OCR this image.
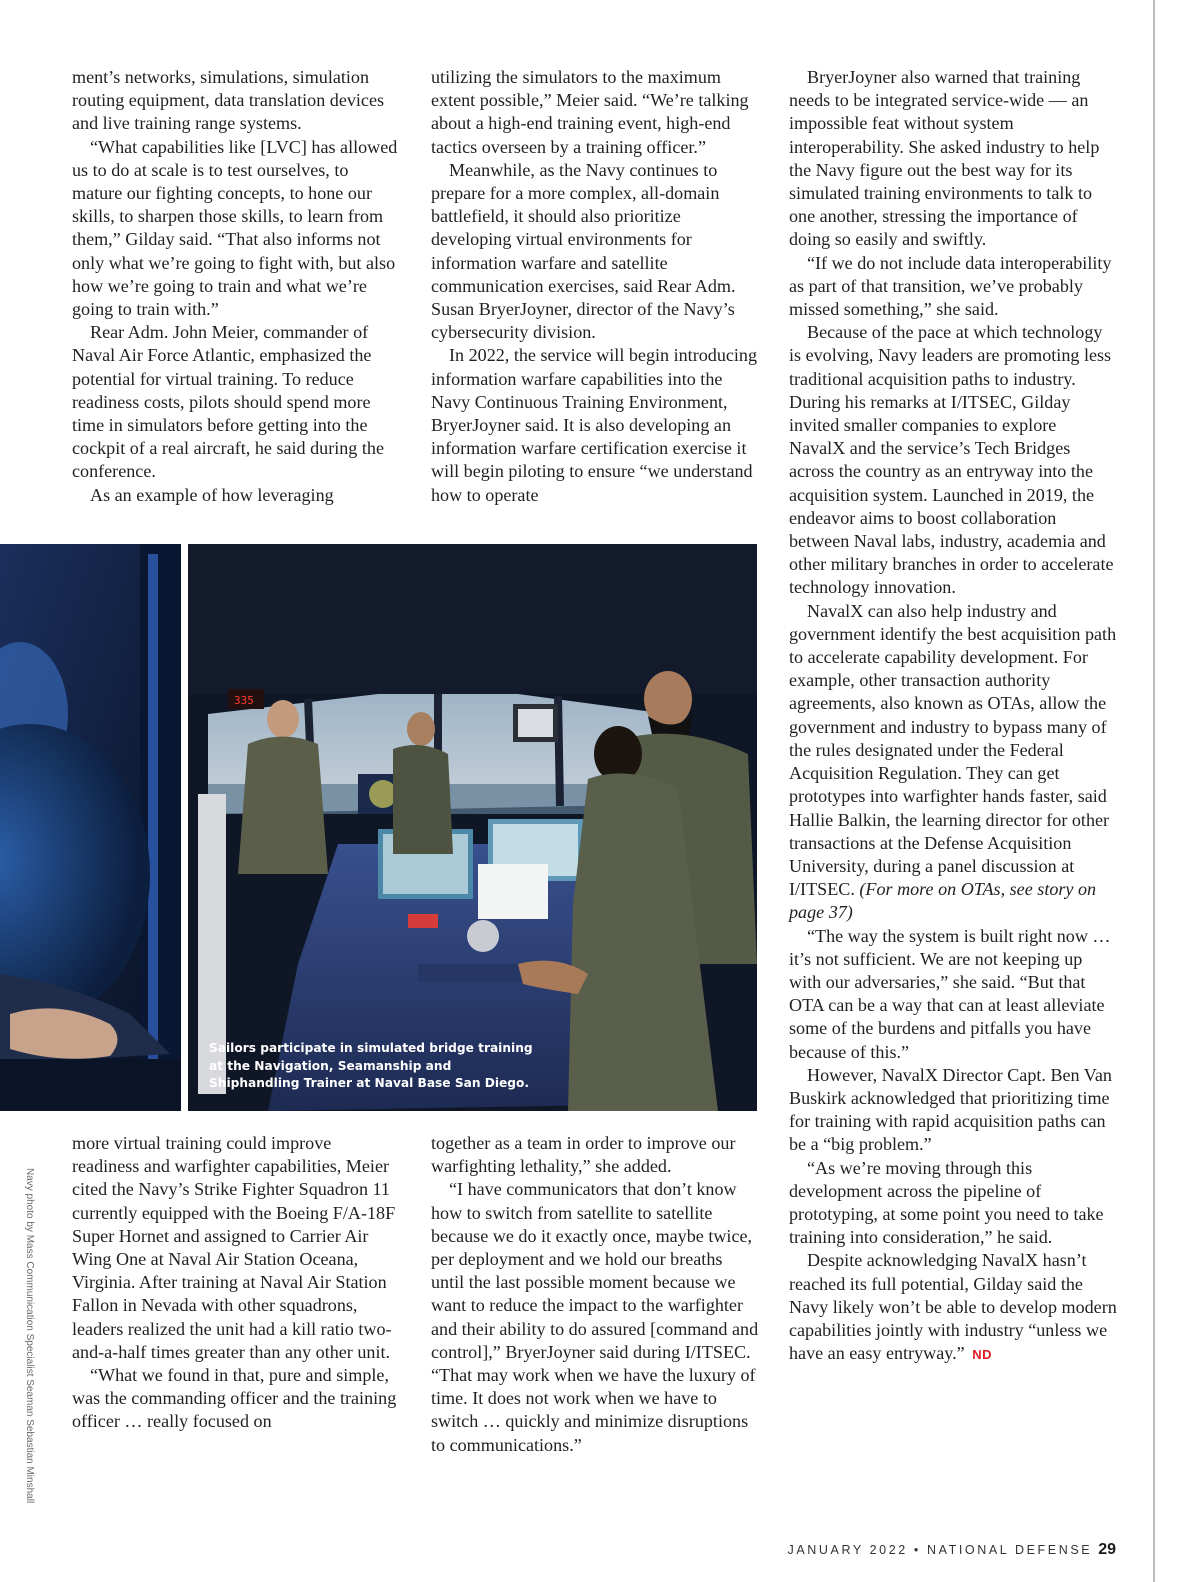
ment’s networks, simulations, simulation routing equipment, data translation devices and live training range systems.

“What capabilities like [LVC] has allowed us to do at scale is to test ourselves, to mature our fighting concepts, to hone our skills, to sharpen those skills, to learn from them,” Gilday said. “That also informs not only what we’re going to fight with, but also how we’re going to train and what we’re going to train with.”

Rear Adm. John Meier, commander of Naval Air Force Atlantic, emphasized the potential for virtual training. To reduce readiness costs, pilots should spend more time in simulators before getting into the cockpit of a real aircraft, he said during the conference.

As an example of how leveraging

utilizing the simulators to the maximum extent possible,” Meier said. “We’re talking about a high-end training event, high-end tactics overseen by a training officer.”

Meanwhile, as the Navy continues to prepare for a more complex, all-domain battlefield, it should also prioritize developing virtual environments for information warfare and satellite communication exercises, said Rear Adm. Susan BryerJoyner, director of the Navy’s cybersecurity division.

In 2022, the service will begin introducing information warfare capabilities into the Navy Continuous Training Environment, BryerJoyner said. It is also developing an information warfare certification exercise it will begin piloting to ensure “we understand how to operate

BryerJoyner also warned that training needs to be integrated service-wide — an impossible feat without system interoperability. She asked industry to help the Navy figure out the best way for its simulated training environments to talk to one another, stressing the importance of doing so easily and swiftly.

“If we do not include data interoperability as part of that transition, we’ve probably missed something,” she said.

Because of the pace at which technology is evolving, Navy leaders are promoting less traditional acquisition paths to industry. During his remarks at I/ITSEC, Gilday invited smaller companies to explore NavalX and the service’s Tech Bridges across the country as an entryway into the acquisition system. Launched in 2019, the endeavor aims to boost collaboration between Naval labs, industry, academia and other military branches in order to accelerate technology innovation.

NavalX can also help industry and government identify the best acquisition path to accelerate capability development. For example, other transaction authority agreements, also known as OTAs, allow the government and industry to bypass many of the rules designated under the Federal Acquisition Regulation. They can get prototypes into warfighter hands faster, said Hallie Balkin, the learning director for other transactions at the Defense Acquisition University, during a panel discussion at I/ITSEC. (For more on OTAs, see story on page 37)

“The way the system is built right now … it’s not sufficient. We are not keeping up with our adversaries,” she said. “But that OTA can be a way that can at least alleviate some of the burdens and pitfalls you have because of this.”

However, NavalX Director Capt. Ben Van Buskirk acknowledged that prioritizing time for training with rapid acquisition paths can be a “big problem.”

“As we’re moving through this development across the pipeline of prototyping, at some point you need to take training into consideration,” he said.

Despite acknowledging NavalX hasn’t reached its full potential, Gilday said the Navy likely won’t be able to develop modern capabilities jointly with industry “unless we have an easy entryway.” ND

335
Sailors participate in simulated bridge training at the Navigation, Seamanship and Shiphandling Trainer at Naval Base San Diego.
Navy photo by Mass Communication Specialist Seaman Sebastian Minshall

more virtual training could improve readiness and warfighter capabilities, Meier cited the Navy’s Strike Fighter Squadron 11 currently equipped with the Boeing F/A-18F Super Hornet and assigned to Carrier Air Wing One at Naval Air Station Oceana, Virginia. After training at Naval Air Station Fallon in Nevada with other squadrons, leaders realized the unit had a kill ratio two-and-a-half times greater than any other unit.

“What we found in that, pure and simple, was the commanding officer and the training officer … really focused on

together as a team in order to improve our warfighting lethality,” she added.

“I have communicators that don’t know how to switch from satellite to satellite because we do it exactly once, maybe twice, per deployment and we hold our breaths until the last possible moment because we want to reduce the impact to the warfighter and their ability to do assured [command and control],” BryerJoyner said during I/ITSEC. “That may work when we have the luxury of time. It does not work when we have to switch … quickly and minimize disruptions to communications.”

JANUARY 2022 • NATIONAL DEFENSE 29
